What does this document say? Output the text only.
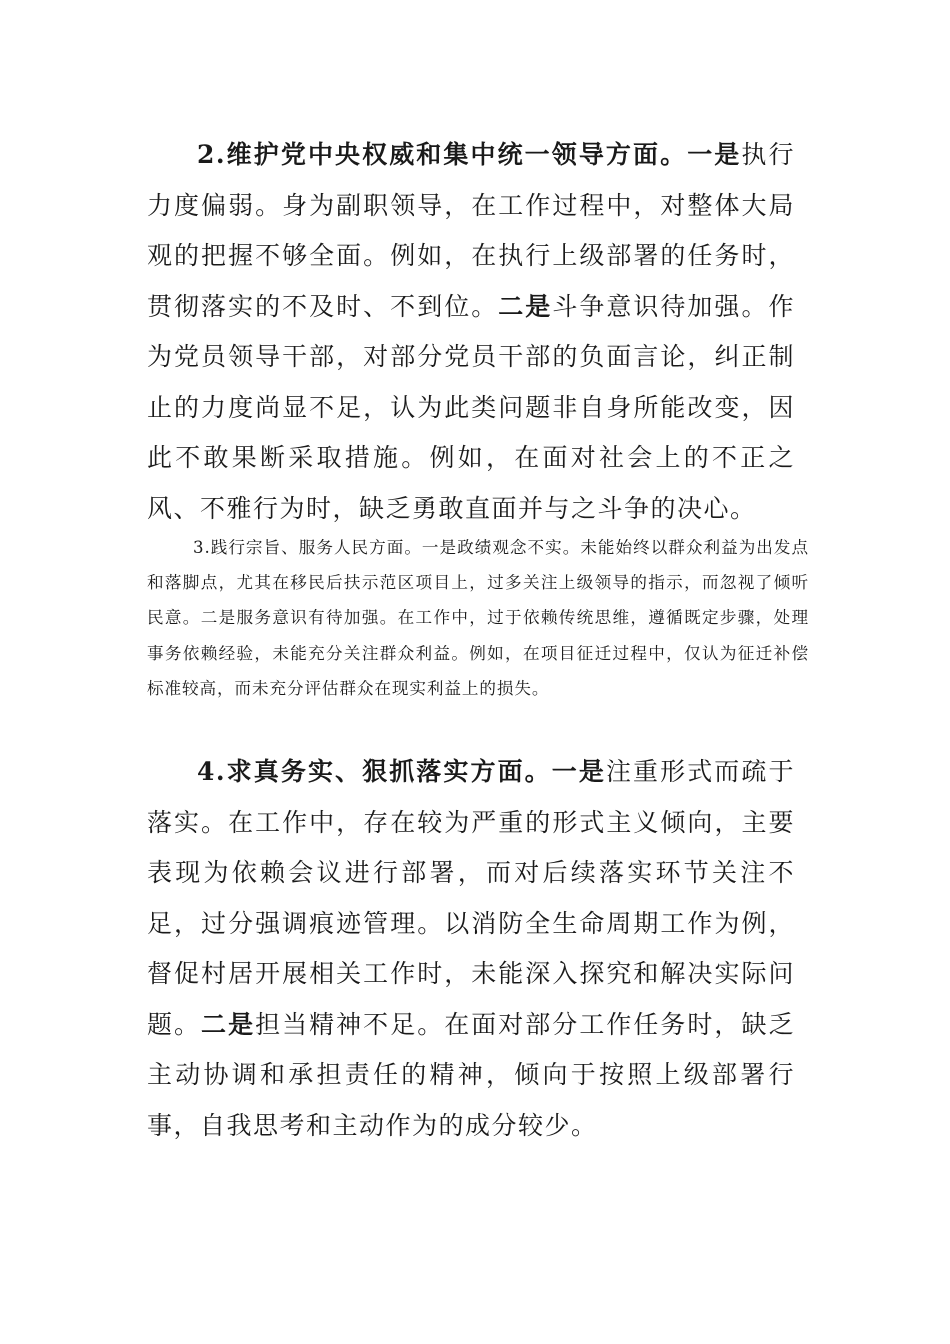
2.维护党中央权威和集中统一领导方面。一是执行力度偏弱。身为副职领导，在工作过程中，对整体大局观的把握不够全面。例如，在执行上级部署的任务时，贯彻落实的不及时、不到位。二是斗争意识待加强。作为党员领导干部，对部分党员干部的负面言论，纠正制止的力度尚显不足，认为此类问题非自身所能改变，因此不敢果断采取措施。例如，在面对社会上的不正之风、不雅行为时，缺乏勇敢直面并与之斗争的决心。

3.践行宗旨、服务人民方面。一是政绩观念不实。未能始终以群众利益为出发点和落脚点，尤其在移民后扶示范区项目上，过多关注上级领导的指示，而忽视了倾听民意。二是服务意识有待加强。在工作中，过于依赖传统思维，遵循既定步骤，处理事务依赖经验，未能充分关注群众利益。例如，在项目征迁过程中，仅认为征迁补偿标准较高，而未充分评估群众在现实利益上的损失。

4.求真务实、狠抓落实方面。一是注重形式而疏于落实。在工作中，存在较为严重的形式主义倾向，主要表现为依赖会议进行部署，而对后续落实环节关注不足，过分强调痕迹管理。以消防全生命周期工作为例，督促村居开展相关工作时，未能深入探究和解决实际问题。二是担当精神不足。在面对部分工作任务时，缺乏主动协调和承担责任的精神，倾向于按照上级部署行事，自我思考和主动作为的成分较少。
